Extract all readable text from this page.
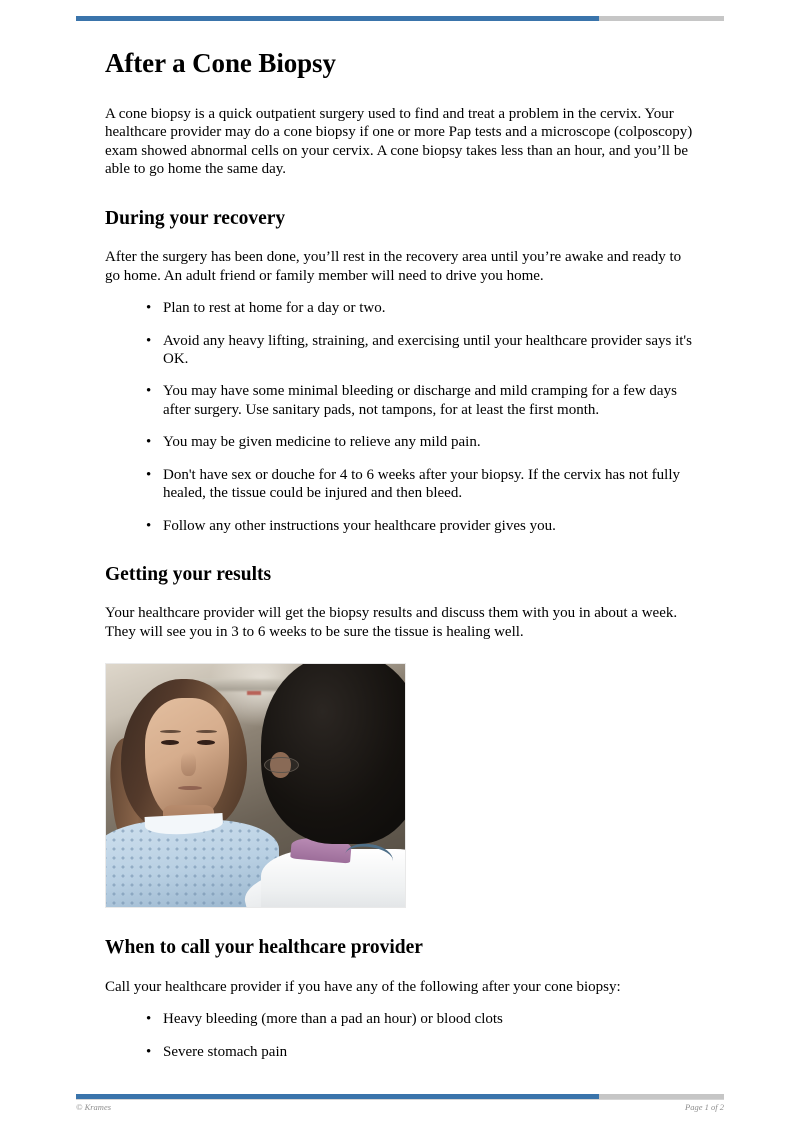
After a Cone Biopsy

A cone biopsy is a quick outpatient surgery used to find and treat a problem in the cervix. Your healthcare provider may do a cone biopsy if one or more Pap tests and a microscope (colposcopy) exam showed abnormal cells on your cervix. A cone biopsy takes less than an hour, and you’ll be able to go home the same day.

During your recovery

After the surgery has been done, you’ll rest in the recovery area until you’re awake and ready to go home. An adult friend or family member will need to drive you home.

• Plan to rest at home for a day or two.
• Avoid any heavy lifting, straining, and exercising until your healthcare provider says it's OK.
• You may have some minimal bleeding or discharge and mild cramping for a few days after surgery. Use sanitary pads, not tampons, for at least the first month.
• You may be given medicine to relieve any mild pain.
• Don't have sex or douche for 4 to 6 weeks after your biopsy. If the cervix has not fully healed, the tissue could be injured and then bleed.
• Follow any other instructions your healthcare provider gives you.
Getting your results

Your healthcare provider will get the biopsy results and discuss them with you in about a week. They will see you in 3 to 6 weeks to be sure the tissue is healing well.

When to call your healthcare provider

Call your healthcare provider if you have any of the following after your cone biopsy:

• Heavy bleeding (more than a pad an hour) or blood clots
• Severe stomach pain
© Krames	Page 1 of 2
